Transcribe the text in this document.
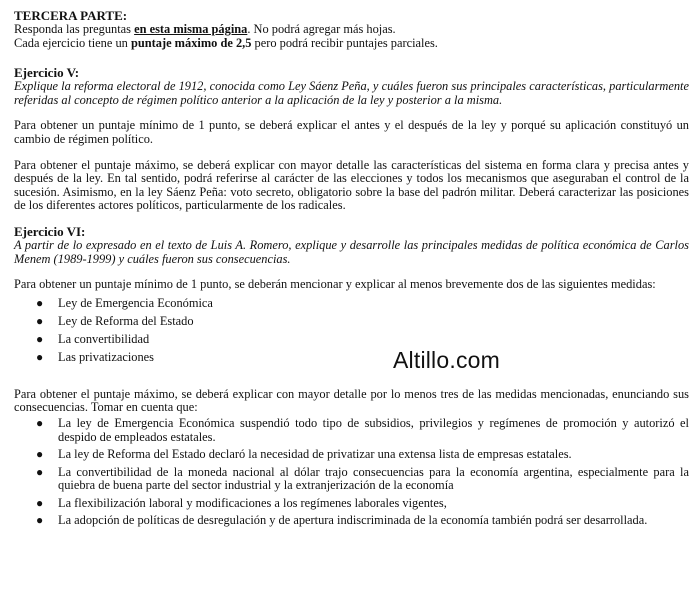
TERCERA PARTE:

Responda las preguntas en esta misma página. No podrá agregar más hojas.

Cada ejercicio tiene un puntaje máximo de 2,5 pero podrá recibir puntajes parciales.

Ejercicio V:

Explique la reforma electoral de 1912, conocida como Ley Sáenz Peña, y cuáles fueron sus principales características, particularmente referidas al concepto de régimen político anterior a la aplicación de la ley y posterior a la misma.

Para obtener un puntaje mínimo de 1 punto, se deberá explicar el antes y el después de la ley y porqué su aplicación constituyó un cambio de régimen político.

Para obtener el puntaje máximo, se deberá explicar con mayor detalle las características del sistema en forma clara y precisa antes y después de la ley. En tal sentido, podrá referirse al carácter de las elecciones y todos los mecanismos que aseguraban el control de la sucesión. Asimismo, en la ley Sáenz Peña: voto secreto, obligatorio sobre la base del padrón militar. Deberá caracterizar las posiciones de los diferentes actores políticos, particularmente de los radicales.

Ejercicio VI:

A partir de lo expresado en el texto de Luis A. Romero, explique y desarrolle las principales medidas de política económica de Carlos Menem (1989-1999) y cuáles fueron sus consecuencias.

Para obtener un puntaje mínimo de 1 punto, se deberán mencionar y explicar al menos brevemente dos de las siguientes medidas:

● Ley de Emergencia Económica
● Ley de Reforma del Estado
● La convertibilidad
● Las privatizaciones

Para obtener el puntaje máximo, se deberá explicar con mayor detalle por lo menos tres de las medidas mencionadas, enunciando sus consecuencias. Tomar en cuenta que:

● La ley de Emergencia Económica suspendió todo tipo de subsidios, privilegios y regímenes de promoción y autorizó el despido de empleados estatales.
● La ley de Reforma del Estado declaró la necesidad de privatizar una extensa lista de empresas estatales.
● La convertibilidad de la moneda nacional al dólar trajo consecuencias para la economía argentina, especialmente para la quiebra de buena parte del sector industrial y la extranjerización de la economía
● La flexibilización laboral y modificaciones a los regímenes laborales vigentes,
● La adopción de políticas de desregulación y de apertura indiscriminada de la economía también podrá ser desarrollada.
Altillo.com
